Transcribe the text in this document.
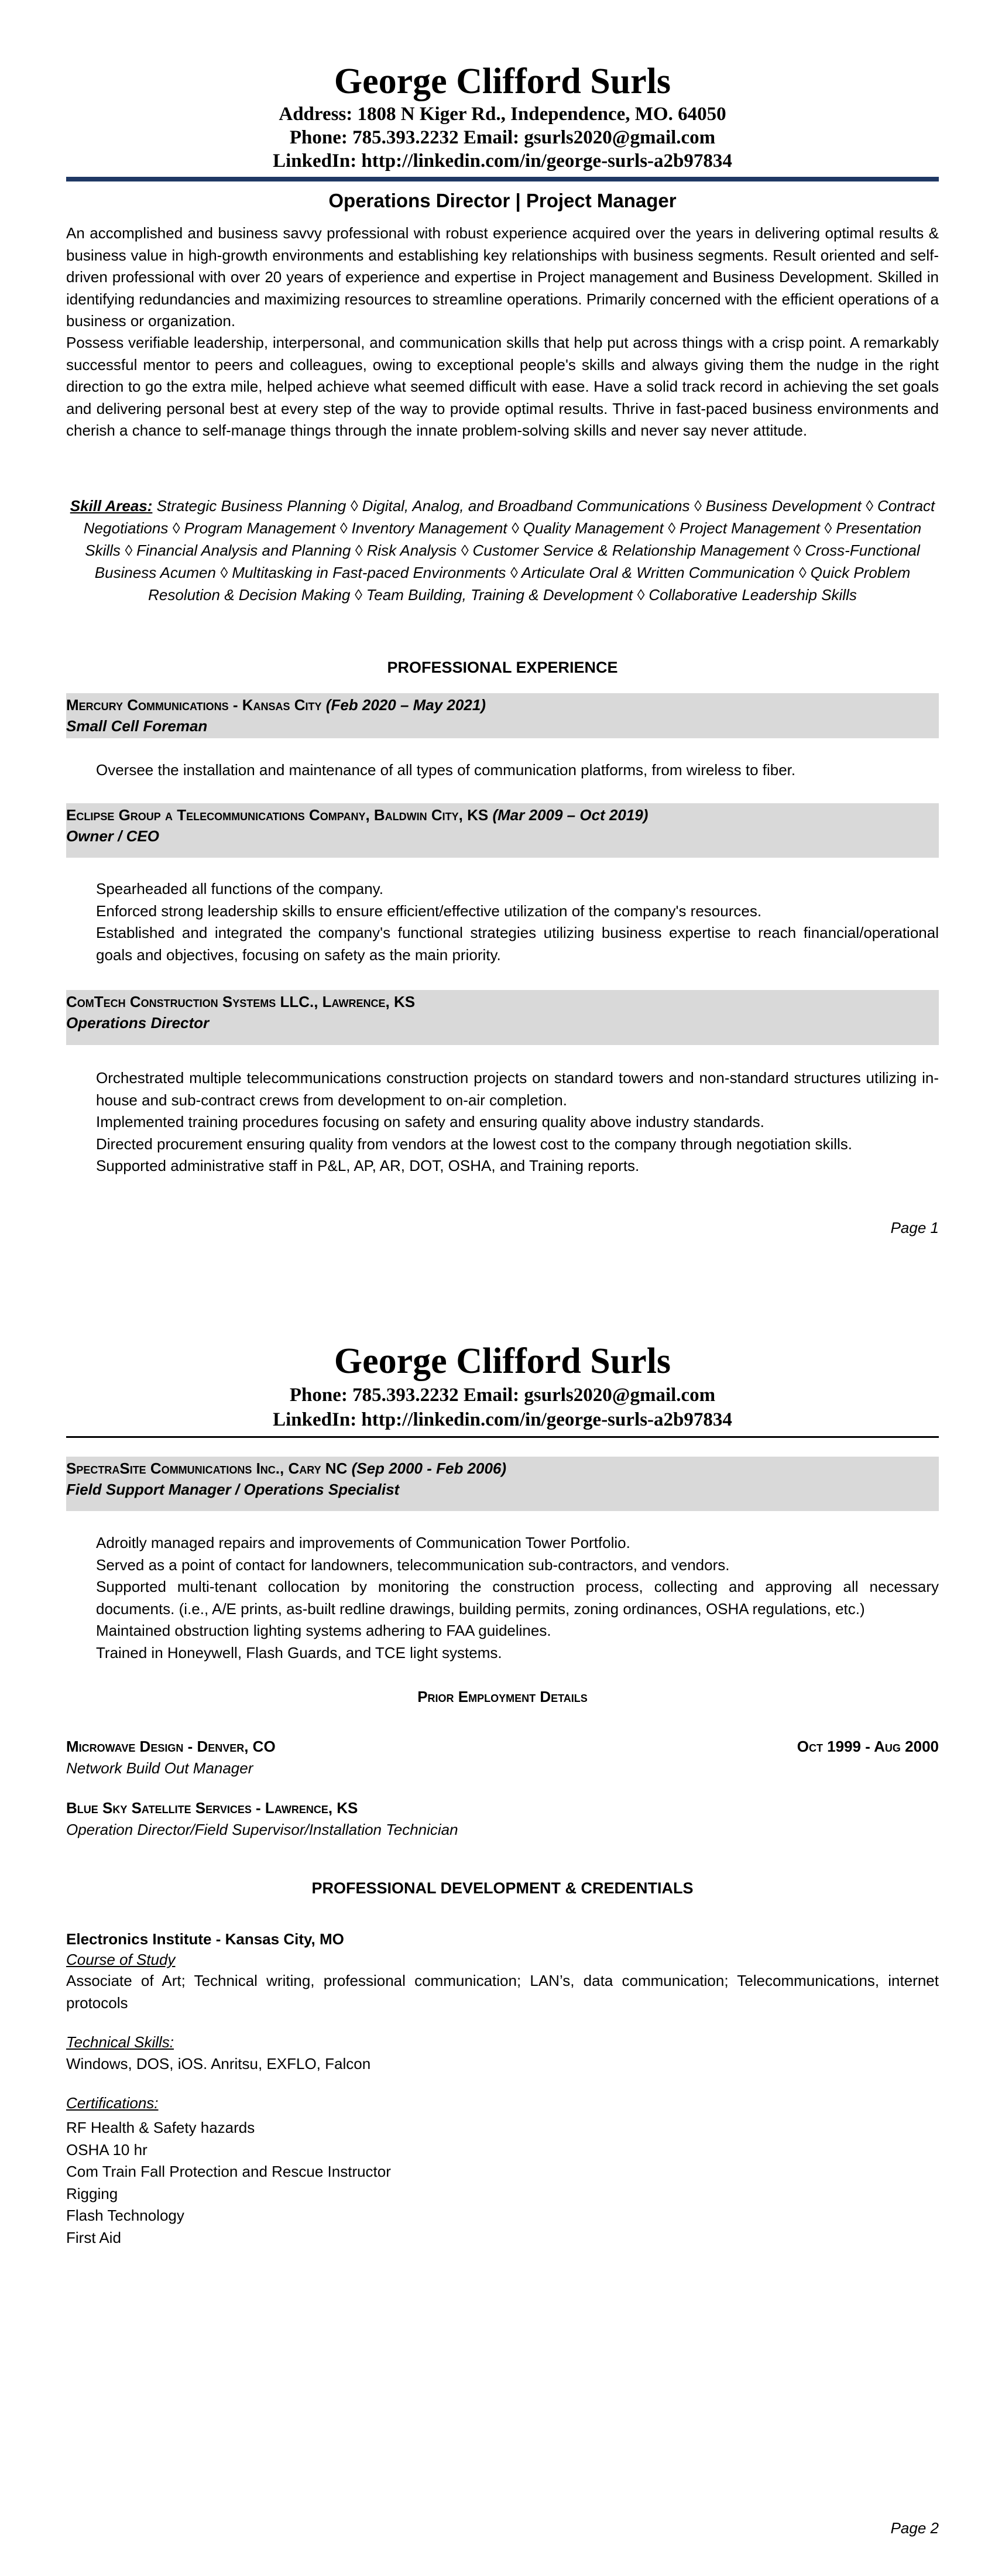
George Clifford Surls
Address: 1808 N Kiger Rd., Independence, MO. 64050
Phone: 785.393.2232 Email: gsurls2020@gmail.com
LinkedIn: http://linkedin.com/in/george-surls-a2b97834
Operations Director | Project Manager
An accomplished and business savvy professional with robust experience acquired over the years in delivering optimal results & business value in high-growth environments and establishing key relationships with business segments. Result oriented and self-driven professional with over 20 years of experience and expertise in Project management and Business Development. Skilled in identifying redundancies and maximizing resources to streamline operations. Primarily concerned with the efficient operations of a business or organization.
Possess verifiable leadership, interpersonal, and communication skills that help put across things with a crisp point. A remarkably successful mentor to peers and colleagues, owing to exceptional people's skills and always giving them the nudge in the right direction to go the extra mile, helped achieve what seemed difficult with ease. Have a solid track record in achieving the set goals and delivering personal best at every step of the way to provide optimal results. Thrive in fast-paced business environments and cherish a chance to self-manage things through the innate problem-solving skills and never say never attitude.
Skill Areas: Strategic Business Planning ◊ Digital, Analog, and Broadband Communications ◊ Business Development ◊ Contract Negotiations ◊ Program Management ◊ Inventory Management ◊ Quality Management ◊ Project Management ◊ Presentation Skills ◊ Financial Analysis and Planning ◊ Risk Analysis ◊ Customer Service & Relationship Management ◊ Cross-Functional Business Acumen ◊ Multitasking in Fast-paced Environments ◊ Articulate Oral & Written Communication ◊ Quick Problem Resolution & Decision Making ◊ Team Building, Training & Development ◊ Collaborative Leadership Skills
PROFESSIONAL EXPERIENCE
Mercury Communications - Kansas City (Feb 2020 – May 2021)
Small Cell Foreman
Oversee the installation and maintenance of all types of communication platforms, from wireless to fiber.
Eclipse Group a Telecommunications Company, Baldwin City, KS (Mar 2009 – Oct 2019)
Owner / CEO
Spearheaded all functions of the company.
Enforced strong leadership skills to ensure efficient/effective utilization of the company's resources.
Established and integrated the company's functional strategies utilizing business expertise to reach financial/operational goals and objectives, focusing on safety as the main priority.
ComTech Construction Systems LLC., Lawrence, KS
Operations Director
Orchestrated multiple telecommunications construction projects on standard towers and non-standard structures utilizing in-house and sub-contract crews from development to on-air completion.
Implemented training procedures focusing on safety and ensuring quality above industry standards.
Directed procurement ensuring quality from vendors at the lowest cost to the company through negotiation skills.
Supported administrative staff in P&L, AP, AR, DOT, OSHA, and Training reports.
Page 1
George Clifford Surls
Phone: 785.393.2232 Email: gsurls2020@gmail.com
LinkedIn: http://linkedin.com/in/george-surls-a2b97834
SpectraSite Communications Inc., Cary NC (Sep 2000 - Feb 2006)
Field Support Manager / Operations Specialist
Adroitly managed repairs and improvements of Communication Tower Portfolio.
Served as a point of contact for landowners, telecommunication sub-contractors, and vendors.
Supported multi-tenant collocation by monitoring the construction process, collecting and approving all necessary documents. (i.e., A/E prints, as-built redline drawings, building permits, zoning ordinances, OSHA regulations, etc.)
Maintained obstruction lighting systems adhering to FAA guidelines.
Trained in Honeywell, Flash Guards, and TCE light systems.
Prior Employment Details
Microwave Design - Denver, CO	Oct 1999 - Aug 2000
Network Build Out Manager
Blue Sky Satellite Services - Lawrence, KS
Operation Director/Field Supervisor/Installation Technician
PROFESSIONAL DEVELOPMENT & CREDENTIALS
Electronics Institute - Kansas City, MO
Course of Study
Associate of Art; Technical writing, professional communication; LAN’s, data communication; Telecommunications, internet protocols
Technical Skills:
Windows, DOS, iOS. Anritsu, EXFLO, Falcon
Certifications:
RF Health & Safety hazards
OSHA 10 hr
Com Train Fall Protection and Rescue Instructor
Rigging
Flash Technology
First Aid
Page 2
